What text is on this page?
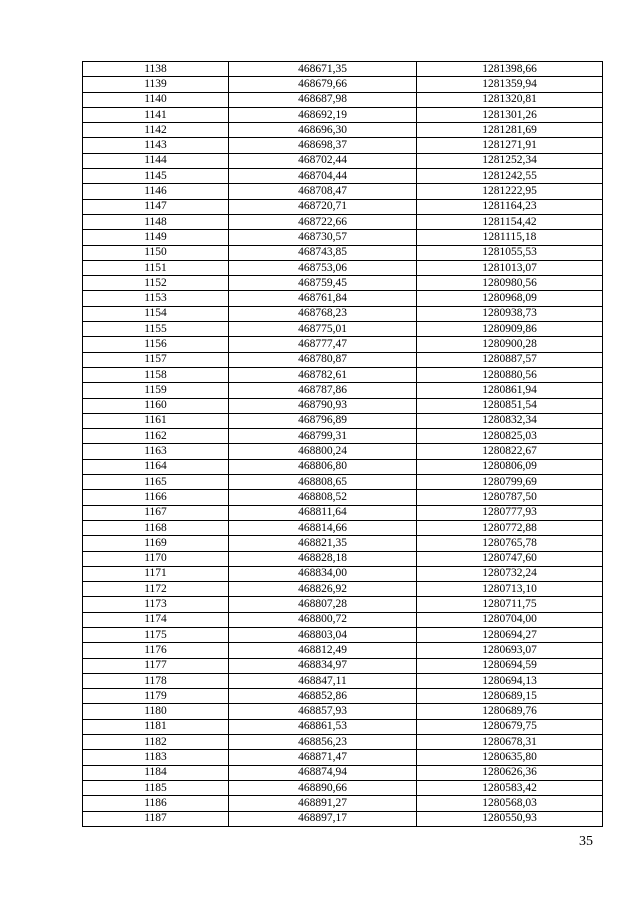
1138	468671,35	1281398,66
1139	468679,66	1281359,94
1140	468687,98	1281320,81
1141	468692,19	1281301,26
1142	468696,30	1281281,69
1143	468698,37	1281271,91
1144	468702,44	1281252,34
1145	468704,44	1281242,55
1146	468708,47	1281222,95
1147	468720,71	1281164,23
1148	468722,66	1281154,42
1149	468730,57	1281115,18
1150	468743,85	1281055,53
1151	468753,06	1281013,07
1152	468759,45	1280980,56
1153	468761,84	1280968,09
1154	468768,23	1280938,73
1155	468775,01	1280909,86
1156	468777,47	1280900,28
1157	468780,87	1280887,57
1158	468782,61	1280880,56
1159	468787,86	1280861,94
1160	468790,93	1280851,54
1161	468796,89	1280832,34
1162	468799,31	1280825,03
1163	468800,24	1280822,67
1164	468806,80	1280806,09
1165	468808,65	1280799,69
1166	468808,52	1280787,50
1167	468811,64	1280777,93
1168	468814,66	1280772,88
1169	468821,35	1280765,78
1170	468828,18	1280747,60
1171	468834,00	1280732,24
1172	468826,92	1280713,10
1173	468807,28	1280711,75
1174	468800,72	1280704,00
1175	468803,04	1280694,27
1176	468812,49	1280693,07
1177	468834,97	1280694,59
1178	468847,11	1280694,13
1179	468852,86	1280689,15
1180	468857,93	1280689,76
1181	468861,53	1280679,75
1182	468856,23	1280678,31
1183	468871,47	1280635,80
1184	468874,94	1280626,36
1185	468890,66	1280583,42
1186	468891,27	1280568,03
1187	468897,17	1280550,93
35
